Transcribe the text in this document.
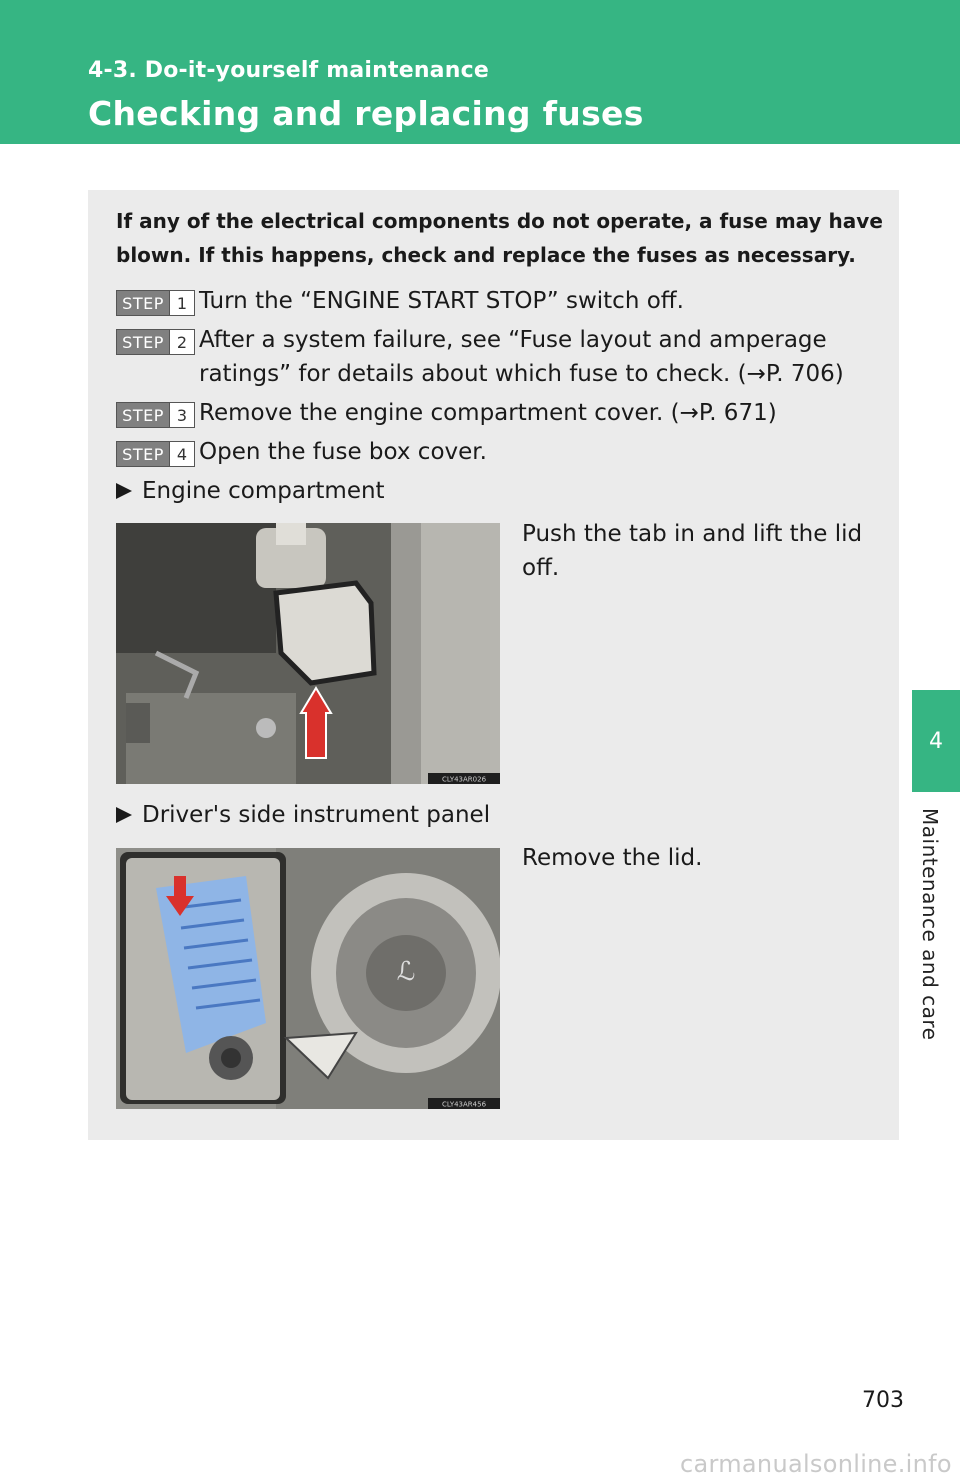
4-3. Do-it-yourself maintenance
Checking and replacing fuses
4
Maintenance and care
If any of the electrical components do not operate, a fuse may have blown. If this happens, check and replace the fuses as necessary.
STEP 1 Turn the “ENGINE START STOP” switch off.
STEP 2 After a system failure, see “Fuse layout and amperage ratings” for details about which fuse to check. (→P. 706)
STEP 3 Remove the engine compartment cover. (→P. 671)
STEP 4 Open the fuse box cover.
Engine compartment
CLY43AR026
Push the tab in and lift the lid off.
Driver's side instrument panel
ℒ
CLY43AR456
Remove the lid.
703
carmanualsonline.info
